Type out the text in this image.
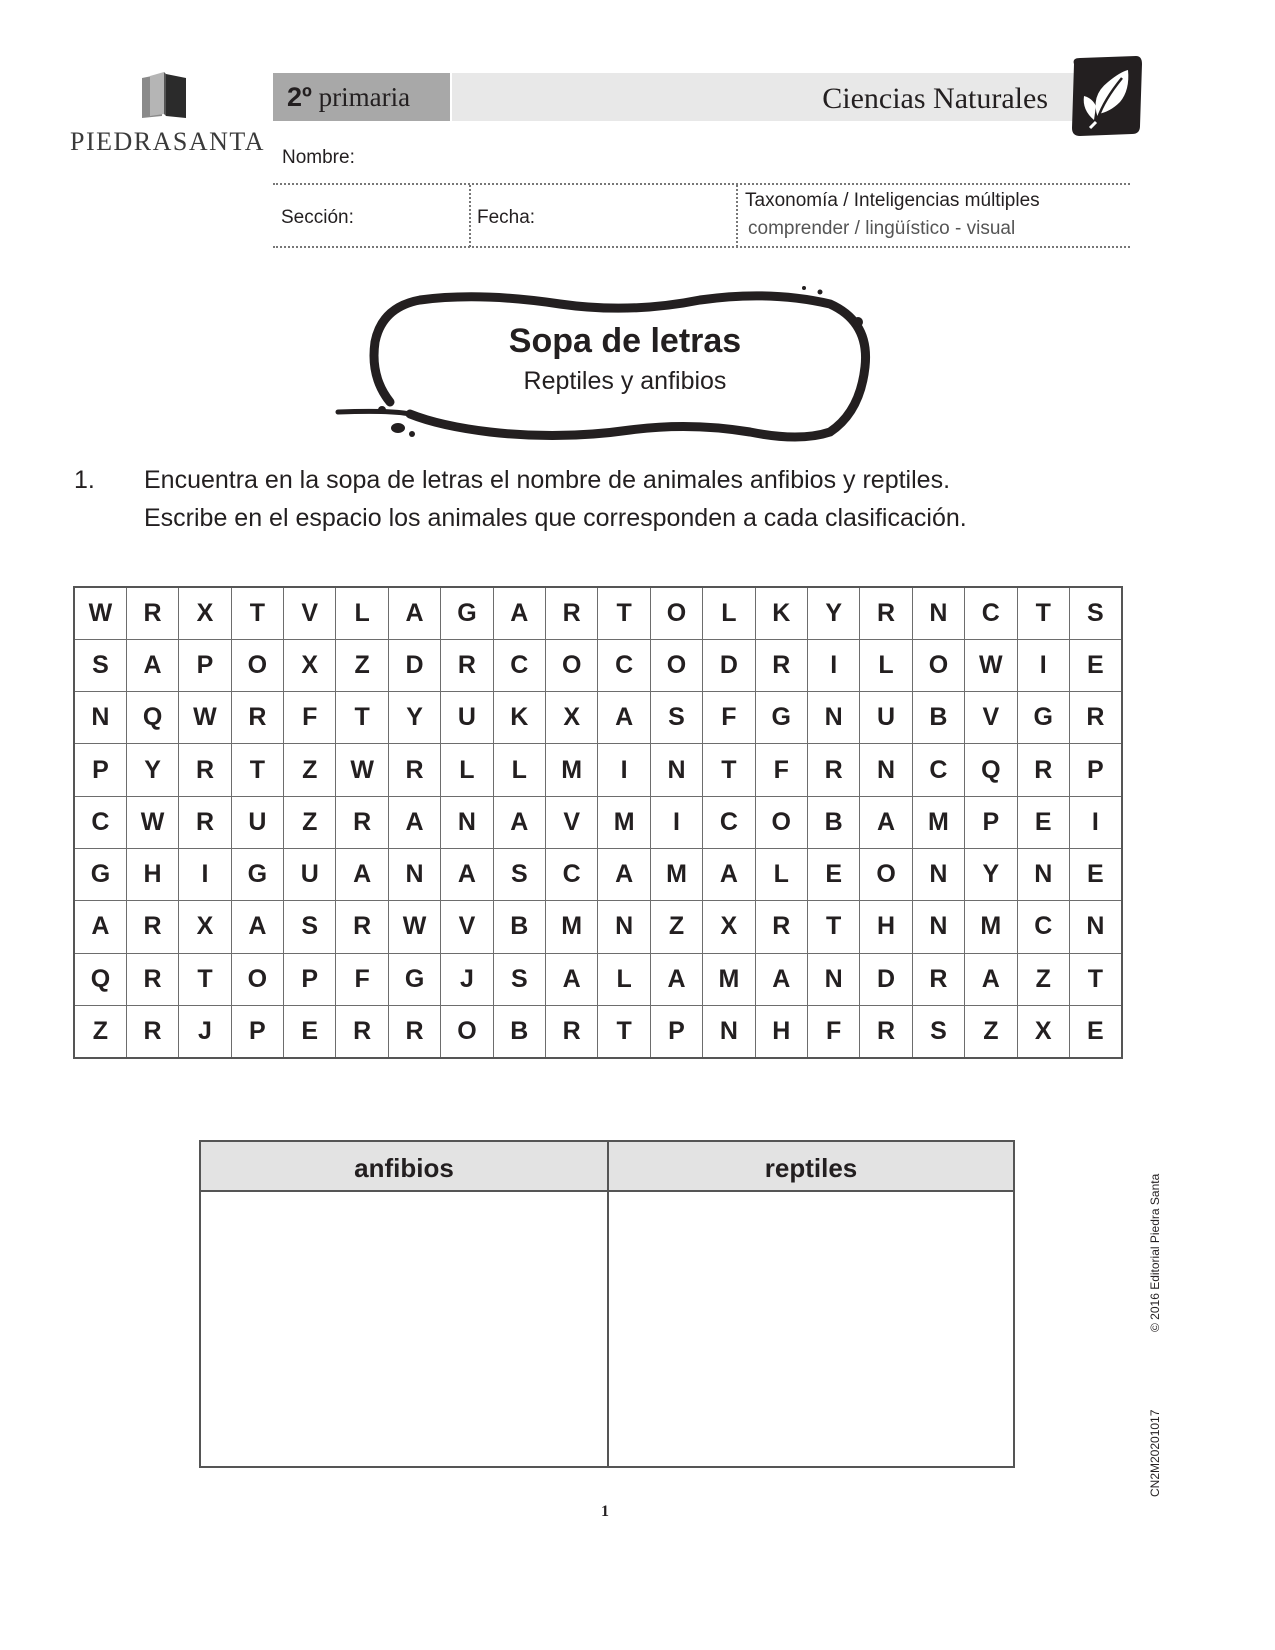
PIEDRASANTA
2º primaria	Ciencias Naturales
Nombre:
Sección:	Fecha:
Taxonomía / Inteligencias múltiples
comprender / lingüístico - visual
Sopa de letras
Reptiles y anfibios
1. Encuentra en la sopa de letras el nombre de animales anfibios y reptiles.
Escribe en el espacio los animales que corresponden a cada clasificación.
W	R	X	T	V	L	A	G	A	R	T	O	L	K	Y	R	N	C	T	S
S	A	P	O	X	Z	D	R	C	O	C	O	D	R	I	L	O	W	I	E
N	Q	W	R	F	T	Y	U	K	X	A	S	F	G	N	U	B	V	G	R
P	Y	R	T	Z	W	R	L	L	M	I	N	T	F	R	N	C	Q	R	P
C	W	R	U	Z	R	A	N	A	V	M	I	C	O	B	A	M	P	E	I
G	H	I	G	U	A	N	A	S	C	A	M	A	L	E	O	N	Y	N	E
A	R	X	A	S	R	W	V	B	M	N	Z	X	R	T	H	N	M	C	N
Q	R	T	O	P	F	G	J	S	A	L	A	M	A	N	D	R	A	Z	T
Z	R	J	P	E	R	R	O	B	R	T	P	N	H	F	R	S	Z	X	E
anfibios	reptiles
© 2016 Editorial Piedra Santa
CN2M20201017
1
